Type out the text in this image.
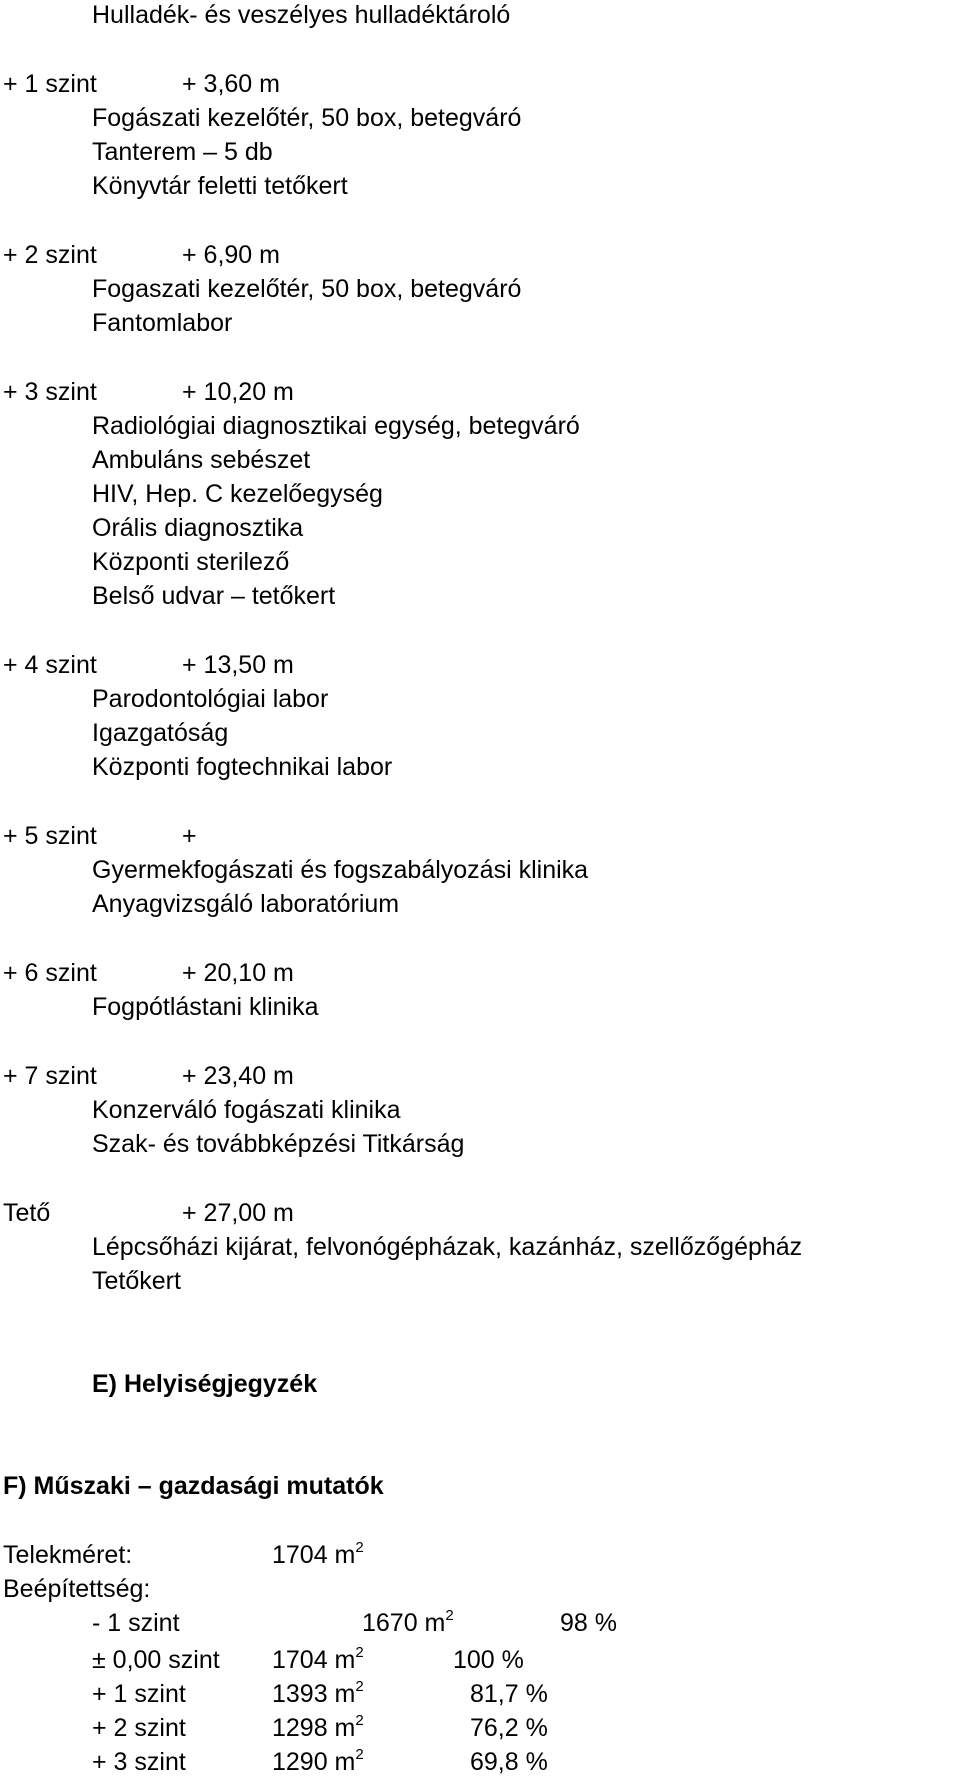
Hulladék- és veszélyes hulladéktároló
+ 1 szint	+ 3,60 m
Fogászati kezelőtér, 50 box, betegváró
Tanterem – 5 db
Könyvtár feletti tetőkert
+ 2 szint	+ 6,90 m
Fogaszati kezelőtér, 50 box, betegváró
Fantomlabor
+ 3 szint	+ 10,20 m
Radiológiai diagnosztikai egység, betegváró
Ambuláns sebészet
HIV, Hep. C kezelőegység
Orális diagnosztika
Központi sterilező
Belső udvar – tetőkert
+ 4 szint	+ 13,50 m
Parodontológiai labor
Igazgatóság
Központi fogtechnikai labor
+ 5 szint	+
Gyermekfogászati és fogszabályozási klinika
Anyagvizsgáló laboratórium
+ 6 szint	+ 20,10 m
Fogpótlástani klinika
+ 7 szint	+ 23,40 m
Konzerváló fogászati klinika
Szak- és továbbképzési Titkárság
Tető	+ 27,00 m
Lépcsőházi kijárat, felvonógépházak, kazánház, szellőzőgépház
Tetőkert
E) Helyiségjegyzék
F) Műszaki – gazdasági mutatók
Telekméret:	1704 $m^2$
Beépítettség:
- 1 szint	1670 $m^2$	98 %
± 0,00 szint 1704 $m^2$	100 %
+ 1 szint	1393 $m^2$	81,7 %
+ 2 szint	1298 $m^2$	76,2 %
+ 3 szint	1290 $m^2$	69,8 %
